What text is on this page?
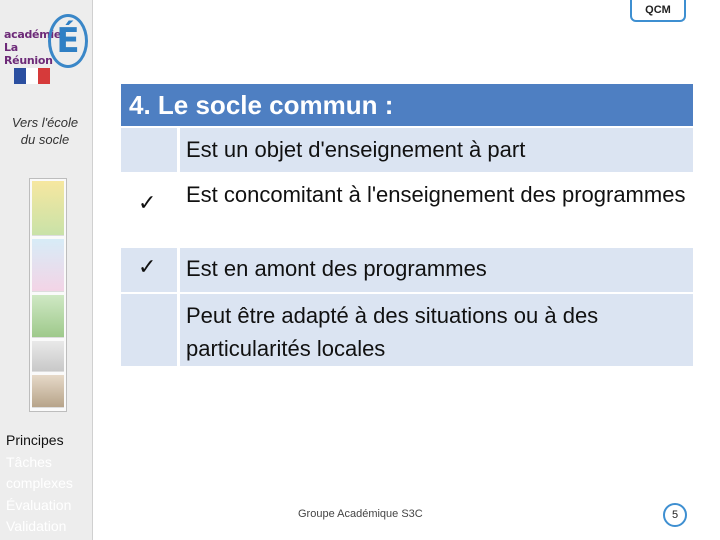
académie
La Réunion É
Vers l'école du socle
Principes
Tâches complexes
Évaluation
Validation
QCM
4. Le socle commun :
Est un objet d'enseignement à part
Est concomitant à l'enseignement des programmes
✓
Est en amont des programmes
✓
Peut être adapté à des situations ou à des particularités locales
Groupe Académique S3C	5
